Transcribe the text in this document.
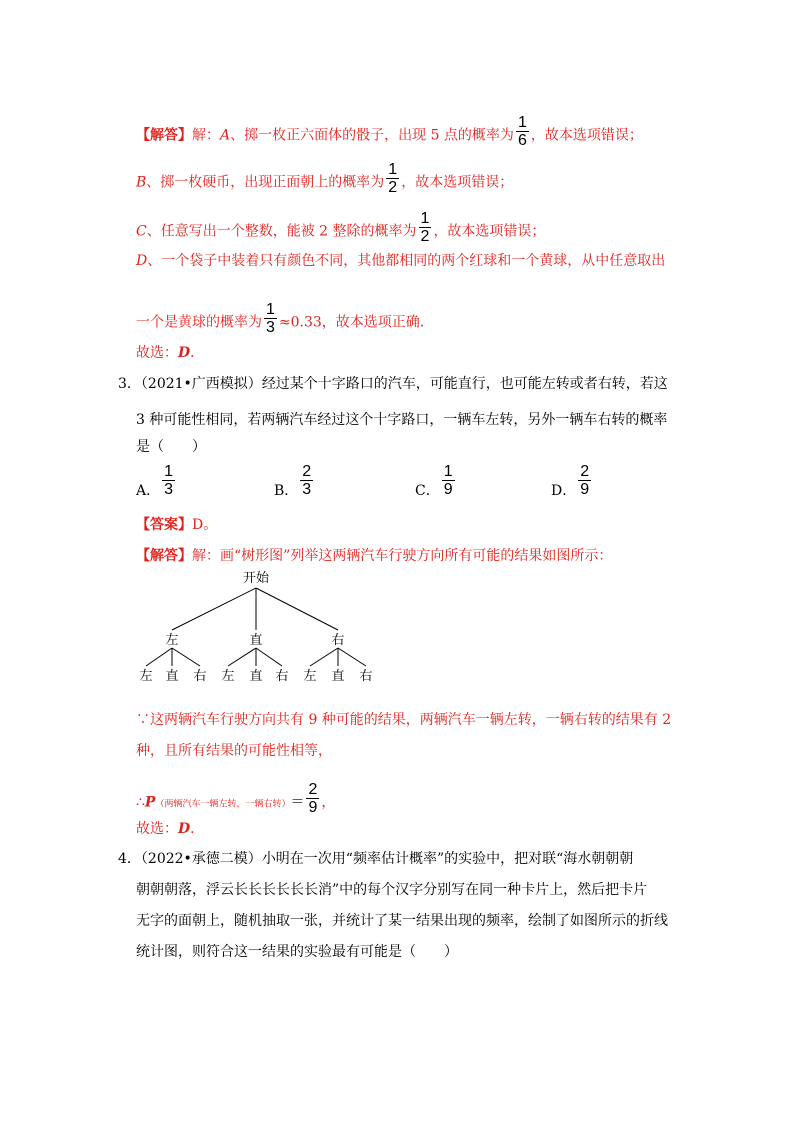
【解答】解：A、掷一枚正六面体的骰子，出现 5 点的概率为 $\frac{1}{6}$ ，故本选项错误；
B、掷一枚硬币，出现正面朝上的概率为 $\frac{1}{2}$ ，故本选项错误；
C、任意写出一个整数，能被 2 整除的概率为 $\frac{1}{2}$ ，故本选项错误；
D、一个袋子中装着只有颜色不同，其他都相同的两个红球和一个黄球，从中任意取出
一个是黄球的概率为 $\frac{1}{3} \approx 0.33$，故本选项正确．
故选：D．
3．（2021•广西模拟）经过某个十字路口的汽车，可能直行，也可能左转或者右转，若这
3 种可能性相同，若两辆汽车经过这个十字路口，一辆车左转，另外一辆车右转的概率
是（　　）
A． $\frac{1}{3}$	B． $\frac{2}{3}$	C． $\frac{1}{9}$	D． $\frac{2}{9}$
【答案】D。
【解答】解：画“树形图”列举这两辆汽车行驶方向所有可能的结果如图所示：
开始
左	直	右
左 直 右 左 直 右 左 直 右
∵这两辆汽车行驶方向共有 9 种可能的结果，两辆汽车一辆左转，一辆右转的结果有 2
种，且所有结果的可能性相等，
∴P（两辆汽车一辆左转，一辆右转）＝ $\frac{2}{9}$ ，
故选：D．
4．（2022•承德二模）小明在一次用“频率估计概率”的实验中，把对联“海水朝朝朝
朝朝朝落，浮云长长长长长长消”中的每个汉字分别写在同一种卡片上，然后把卡片
无字的面朝上，随机抽取一张，并统计了某一结果出现的频率，绘制了如图所示的折线
统计图，则符合这一结果的实验最有可能是（　　）
